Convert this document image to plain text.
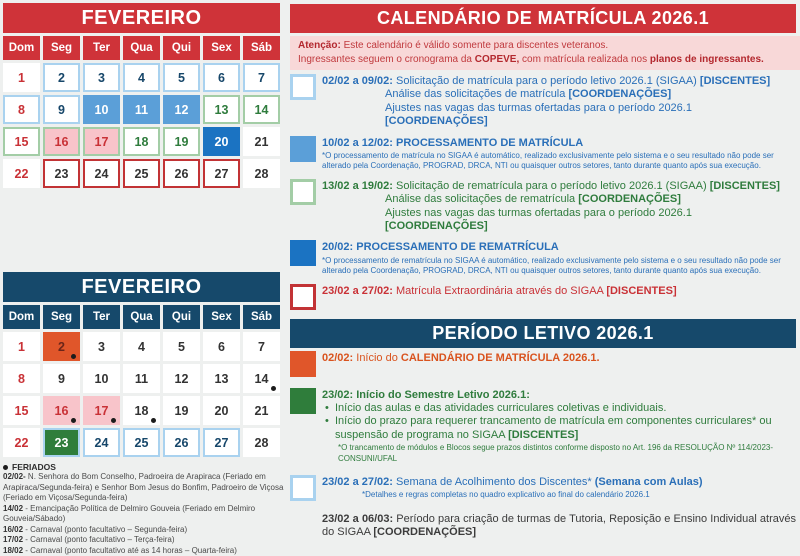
FEVEREIRO
Dom	Seg	Ter	Qua	Qui	Sex	Sáb
1	2	3	4	5	6	7
8	9	10	11	12	13	14
15	16	17	18	19	20	21
22	23	24	25	26	27	28
FEVEREIRO
Dom	Seg	Ter	Qua	Qui	Sex	Sáb
1	2	3	4	5	6	7
8	9	10	11	12	13	14
15	16	17	18	19	20	21
22	23	24	25	26	27	28
FERIADOS
02/02- N. Senhora do Bom Conselho, Padroeira de Arapiraca (Feriado em Arapiraca/Segunda-feira) e Senhor Bom Jesus do Bonfim, Padroeiro de Viçosa (Feriado em Viçosa/Segunda-feira)
14/02 - Emancipação Política de Delmiro Gouveia (Feriado em Delmiro Gouveia/Sábado)
16/02 - Carnaval (ponto facultativo – Segunda-feira)
17/02 - Carnaval (ponto facultativo – Terça-feira)
18/02 - Carnaval (ponto facultativo até as 14 horas – Quarta-feira)
CALENDÁRIO DE MATRÍCULA 2026.1
Atenção: Este calendário é válido somente para discentes veteranos.
Ingressantes seguem o cronograma da COPEVE, com matrícula realizada nos planos de ingressantes.
02/02 a 09/02: Solicitação de matrícula para o período letivo 2026.1 (SIGAA) [DISCENTES]
Análise das solicitações de matrícula [COORDENAÇÕES]
Ajustes nas vagas das turmas ofertadas para o período 2026.1 [COORDENAÇÕES]
10/02 a 12/02: PROCESSAMENTO DE MATRÍCULA
*O processamento de matrícula no SIGAA é automático, realizado exclusivamente pelo sistema e o seu resultado não pode ser alterado pela Coordenação, PROGRAD, DRCA, NTI ou quaisquer outros setores, tanto durante quanto após sua execução.
13/02 a 19/02: Solicitação de rematrícula para o período letivo 2026.1 (SIGAA) [DISCENTES]
Análise das solicitações de rematrícula [COORDENAÇÕES]
Ajustes nas vagas das turmas ofertadas para o período 2026.1 [COORDENAÇÕES]
20/02: PROCESSAMENTO DE REMATRÍCULA
*O processamento de rematrícula no SIGAA é automático, realizado exclusivamente pelo sistema e o seu resultado não pode ser alterado pela Coordenação, PROGRAD, DRCA, NTI ou quaisquer outros setores, tanto durante quanto após sua execução.
23/02 a 27/02: Matrícula Extraordinária através do SIGAA [DISCENTES]
PERÍODO LETIVO 2026.1
02/02: Início do CALENDÁRIO DE MATRÍCULA 2026.1.
23/02: Início do Semestre Letivo 2026.1:
• Início das aulas e das atividades curriculares coletivas e individuais.
• Início do prazo para requerer trancamento de matrícula em componentes curriculares* ou suspensão de programa no SIGAA [DISCENTES]
*O trancamento de módulos e Blocos segue prazos distintos conforme disposto no Art. 196 da RESOLUÇÃO Nº 114/2023-CONSUNI/UFAL
23/02 a 27/02: Semana de Acolhimento dos Discentes* (Semana com Aulas)
*Detalhes e regras completas no quadro explicativo ao final do calendário 2026.1
23/02 a 06/03: Período para criação de turmas de Tutoria, Reposição e Ensino Individual através do SIGAA [COORDENAÇÕES]
